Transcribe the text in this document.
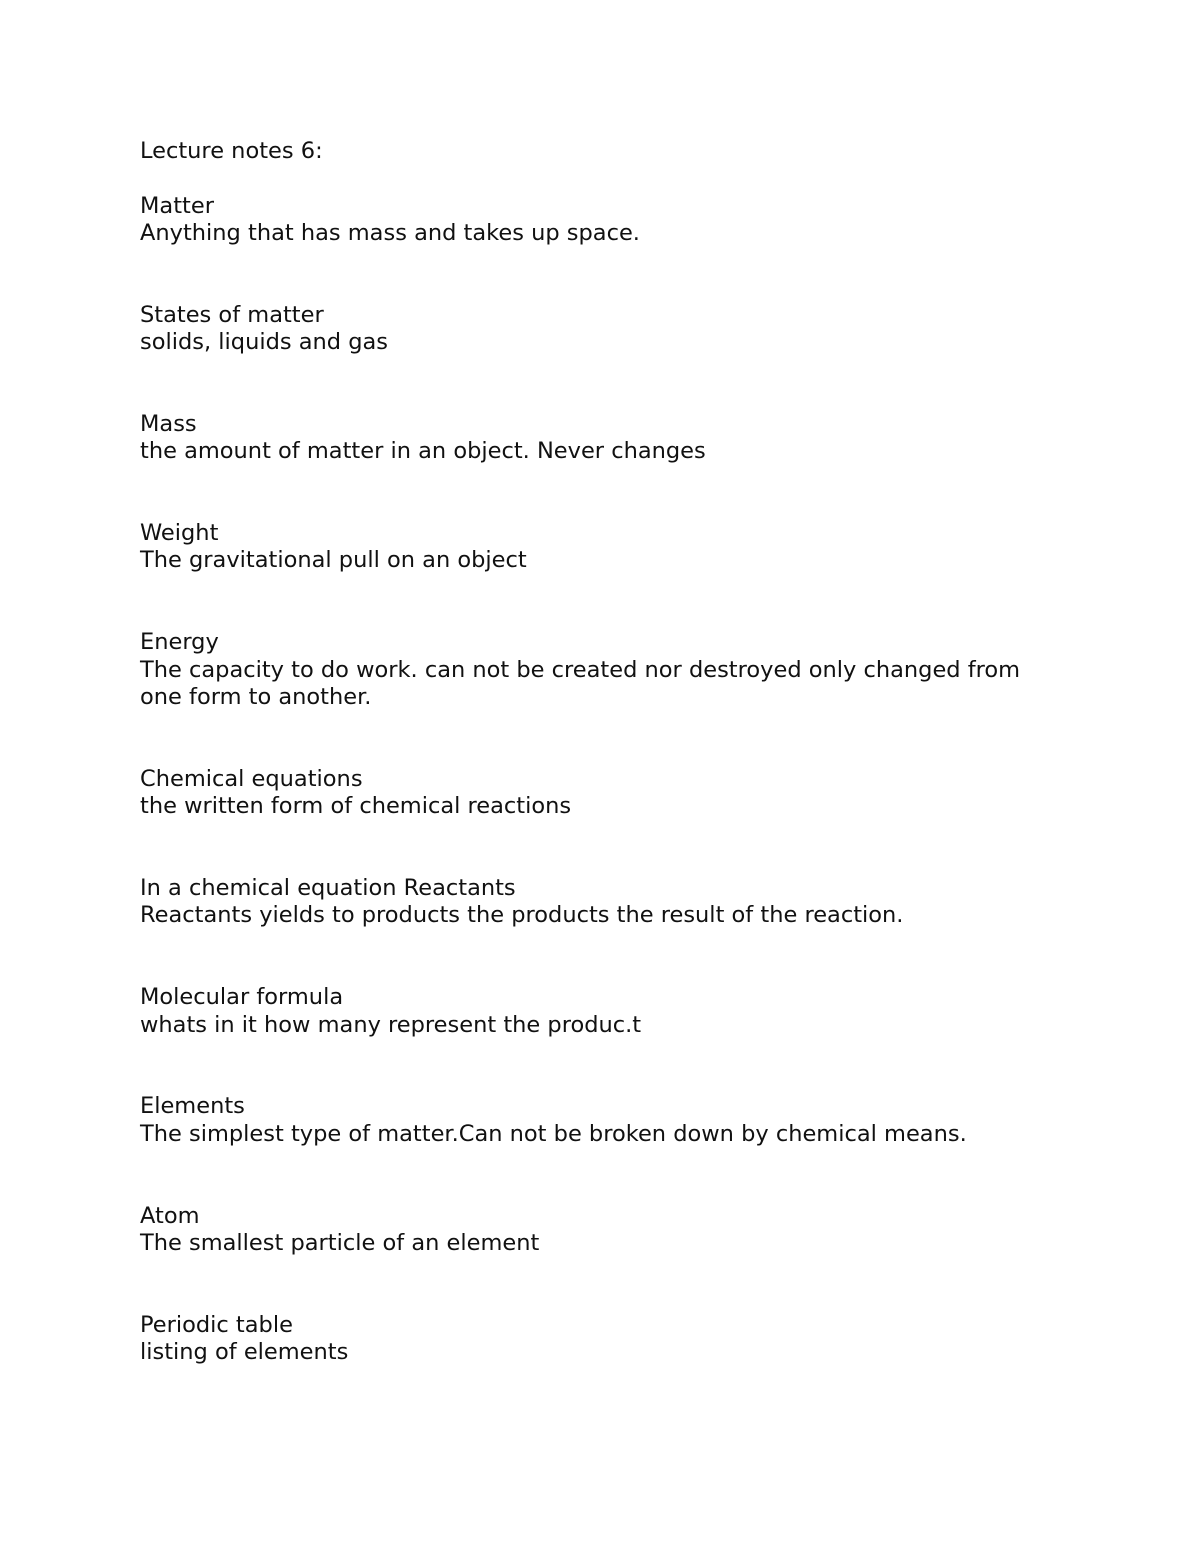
Lecture notes 6:

Matter

Anything that has mass and takes up space.

States of matter

solids, liquids and gas

Mass

the amount of matter in an object. Never changes

Weight

The gravitational pull on an object

Energy

The capacity to do work. can not be created nor destroyed only changed from
one form to another.

Chemical equations

the written form of chemical reactions

In a chemical equation Reactants

Reactants yields to products the products the result of the reaction.

Molecular formula

whats in it how many represent the produc.t

Elements

The simplest type of matter.Can not be broken down by chemical means.

Atom

The smallest particle of an element

Periodic table

listing of elements
